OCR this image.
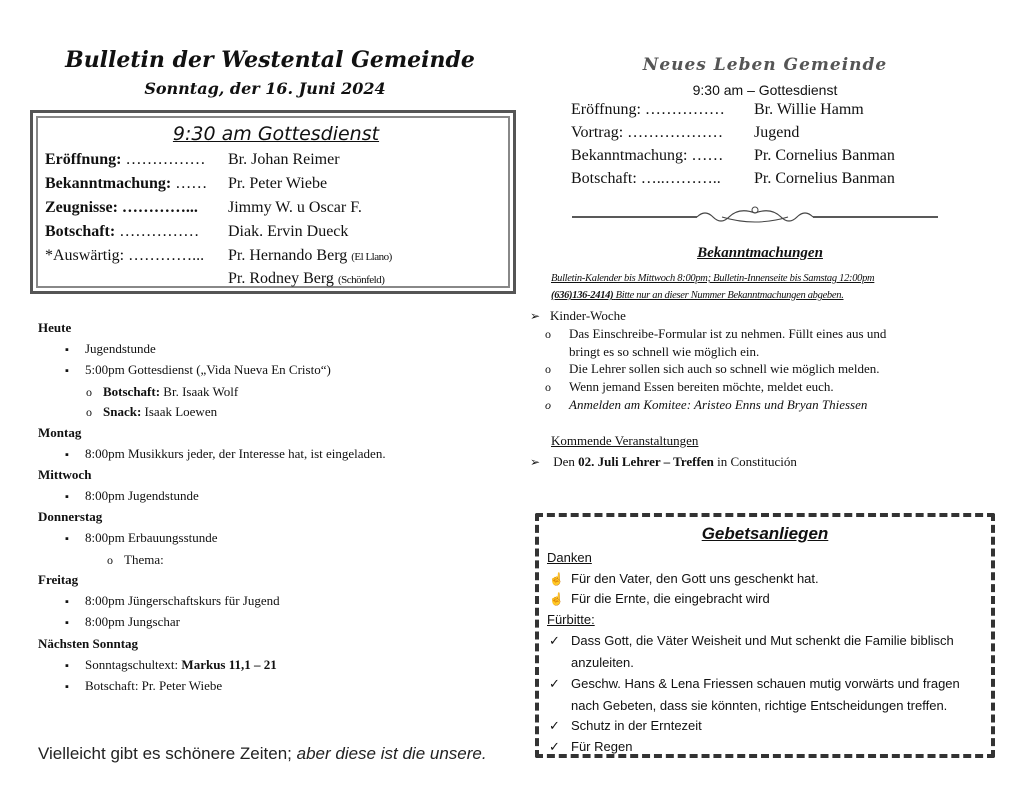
Bulletin der Westental Gemeinde
Sonntag, der 16. Juni 2024
9:30 am Gottesdienst
Eröffnung: …………… Br. Johan Reimer
Bekanntmachung: …… Pr. Peter Wiebe
Zeugnisse: …………... Jimmy W. u Oscar F.
Botschaft: …………… Diak. Ervin Dueck
*Auswärtig: …………... Pr. Hernando Berg (El Llano)
Pr. Rodney Berg (Schönfeld)
Heute
▪ Jugendstunde
▪ 5:00pm Gottesdienst („Vida Nueva En Cristo“)
o Botschaft: Br. Isaak Wolf
o Snack: Isaak Loewen
Montag
▪ 8:00pm Musikkurs jeder, der Interesse hat, ist eingeladen.
Mittwoch
▪ 8:00pm Jugendstunde
Donnerstag
▪ 8:00pm Erbauungsstunde
o Thema:
Freitag
▪ 8:00pm Jüngerschaftskurs für Jugend
▪ 8:00pm Jungschar
Nächsten Sonntag
▪ Sonntagschultext: Markus 11,1 – 21
▪ Botschaft: Pr. Peter Wiebe
Vielleicht gibt es schönere Zeiten; aber diese ist die unsere.
Neues Leben Gemeinde
9:30 am – Gottesdienst
Eröffnung: …………… Br. Willie Hamm
Vortrag: ……………… Jugend
Bekanntmachung: …… Pr. Cornelius Banman
Botschaft: …..……….. Pr. Cornelius Banman
Bekanntmachungen
Bulletin-Kalender bis Mittwoch 8:00pm; Bulletin-Innenseite bis Samstag 12:00pm
(636)136-2414) Bitte nur an dieser Nummer Bekanntmachungen abgeben.
➢ Kinder-Woche
o Das Einschreibe-Formular ist zu nehmen. Füllt eines aus und
bringt es so schnell wie möglich ein.
o Die Lehrer sollen sich auch so schnell wie möglich melden.
o Wenn jemand Essen bereiten möchte, meldet euch.
o Anmelden am Komitee: Aristeo Enns und Bryan Thiessen
Kommende Veranstaltungen
➢ Den 02. Juli Lehrer – Treffen in Constitución
Gebetsanliegen
Danken
☝ Für den Vater, den Gott uns geschenkt hat.
☝ Für die Ernte, die eingebracht wird
Fürbitte:
✓ Dass Gott, die Väter Weisheit und Mut schenkt die Familie biblisch anzuleiten.
✓ Geschw. Hans & Lena Friessen schauen mutig vorwärts und fragen nach Gebeten, dass sie könnten, richtige Entscheidungen treffen.
✓ Schutz in der Erntezeit
✓ Für Regen
